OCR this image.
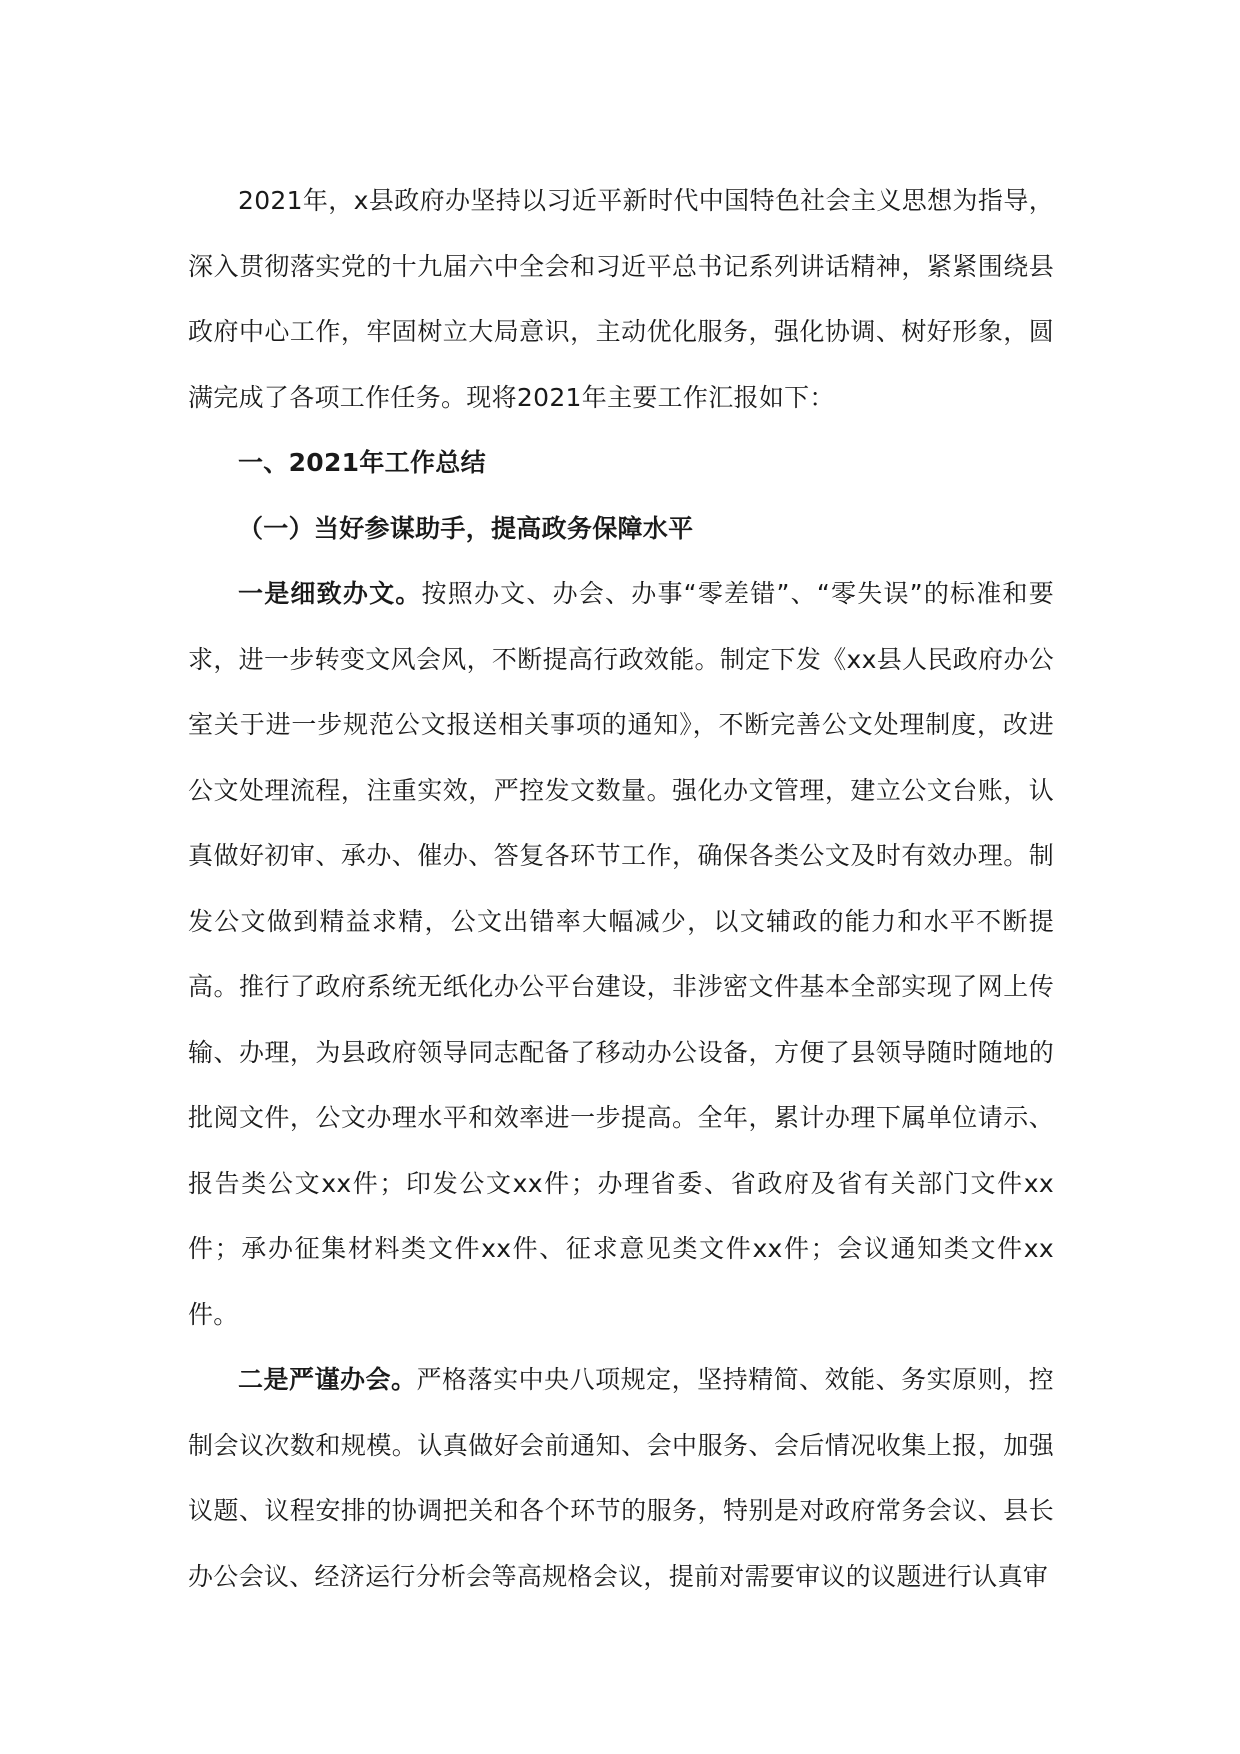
2021年，x县政府办坚持以习近平新时代中国特色社会主义思想为指导，深入贯彻落实党的十九届六中全会和习近平总书记系列讲话精神，紧紧围绕县政府中心工作，牢固树立大局意识，主动优化服务，强化协调、树好形象，圆满完成了各项工作任务。现将2021年主要工作汇报如下：

一、2021年工作总结

（一）当好参谋助手，提高政务保障水平

一是细致办文。按照办文、办会、办事“零差错”、“零失误”的标准和要求，进一步转变文风会风，不断提高行政效能。制定下发《xx县人民政府办公室关于进一步规范公文报送相关事项的通知》，不断完善公文处理制度，改进公文处理流程，注重实效，严控发文数量。强化办文管理，建立公文台账，认真做好初审、承办、催办、答复各环节工作，确保各类公文及时有效办理。制发公文做到精益求精，公文出错率大幅减少，以文辅政的能力和水平不断提高。推行了政府系统无纸化办公平台建设，非涉密文件基本全部实现了网上传输、办理，为县政府领导同志配备了移动办公设备，方便了县领导随时随地的批阅文件，公文办理水平和效率进一步提高。全年，累计办理下属单位请示、报告类公文xx件；印发公文xx件；办理省委、省政府及省有关部门文件xx件；承办征集材料类文件xx件、征求意见类文件xx件；会议通知类文件xx件。

二是严谨办会。严格落实中央八项规定，坚持精简、效能、务实原则，控制会议次数和规模。认真做好会前通知、会中服务、会后情况收集上报，加强议题、议程安排的协调把关和各个环节的服务，特别是对政府常务会议、县长办公会议、经济运行分析会等高规格会议，提前对需要审议的议题进行认真审
